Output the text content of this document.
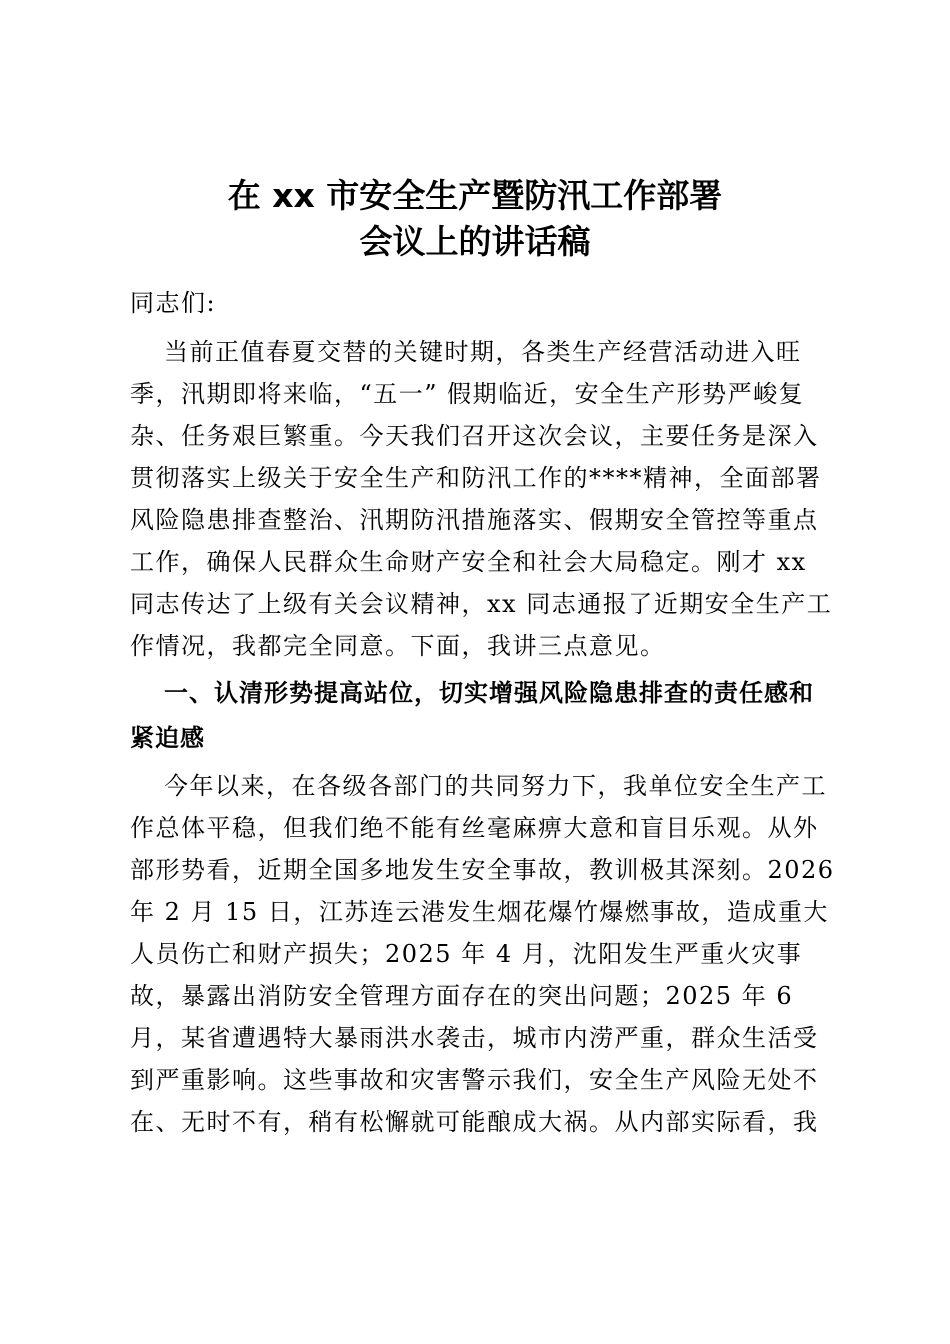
在 xx 市安全生产暨防汛工作部署
会议上的讲话稿
同志们:
当前正值春夏交替的关键时期，各类生产经营活动进入旺
季，汛期即将来临，“五一” 假期临近，安全生产形势严峻复
杂、任务艰巨繁重。今天我们召开这次会议，主要任务是深入
贯彻落实上级关于安全生产和防汛工作的****精神，全面部署
风险隐患排查整治、汛期防汛措施落实、假期安全管控等重点
工作，确保人民群众生命财产安全和社会大局稳定。刚才 xx
同志传达了上级有关会议精神，xx 同志通报了近期安全生产工
作情况，我都完全同意。下面，我讲三点意见。
一、认清形势提高站位，切实增强风险隐患排查的责任感和
紧迫感
今年以来，在各级各部门的共同努力下，我单位安全生产工
作总体平稳，但我们绝不能有丝毫麻痹大意和盲目乐观。从外
部形势看，近期全国多地发生安全事故，教训极其深刻。2026
年 2 月 15 日，江苏连云港发生烟花爆竹爆燃事故，造成重大
人员伤亡和财产损失；2025 年 4 月，沈阳发生严重火灾事
故，暴露出消防安全管理方面存在的突出问题；2025 年 6
月，某省遭遇特大暴雨洪水袭击，城市内涝严重，群众生活受
到严重影响。这些事故和灾害警示我们，安全生产风险无处不
在、无时不有，稍有松懈就可能酿成大祸。从内部实际看，我
